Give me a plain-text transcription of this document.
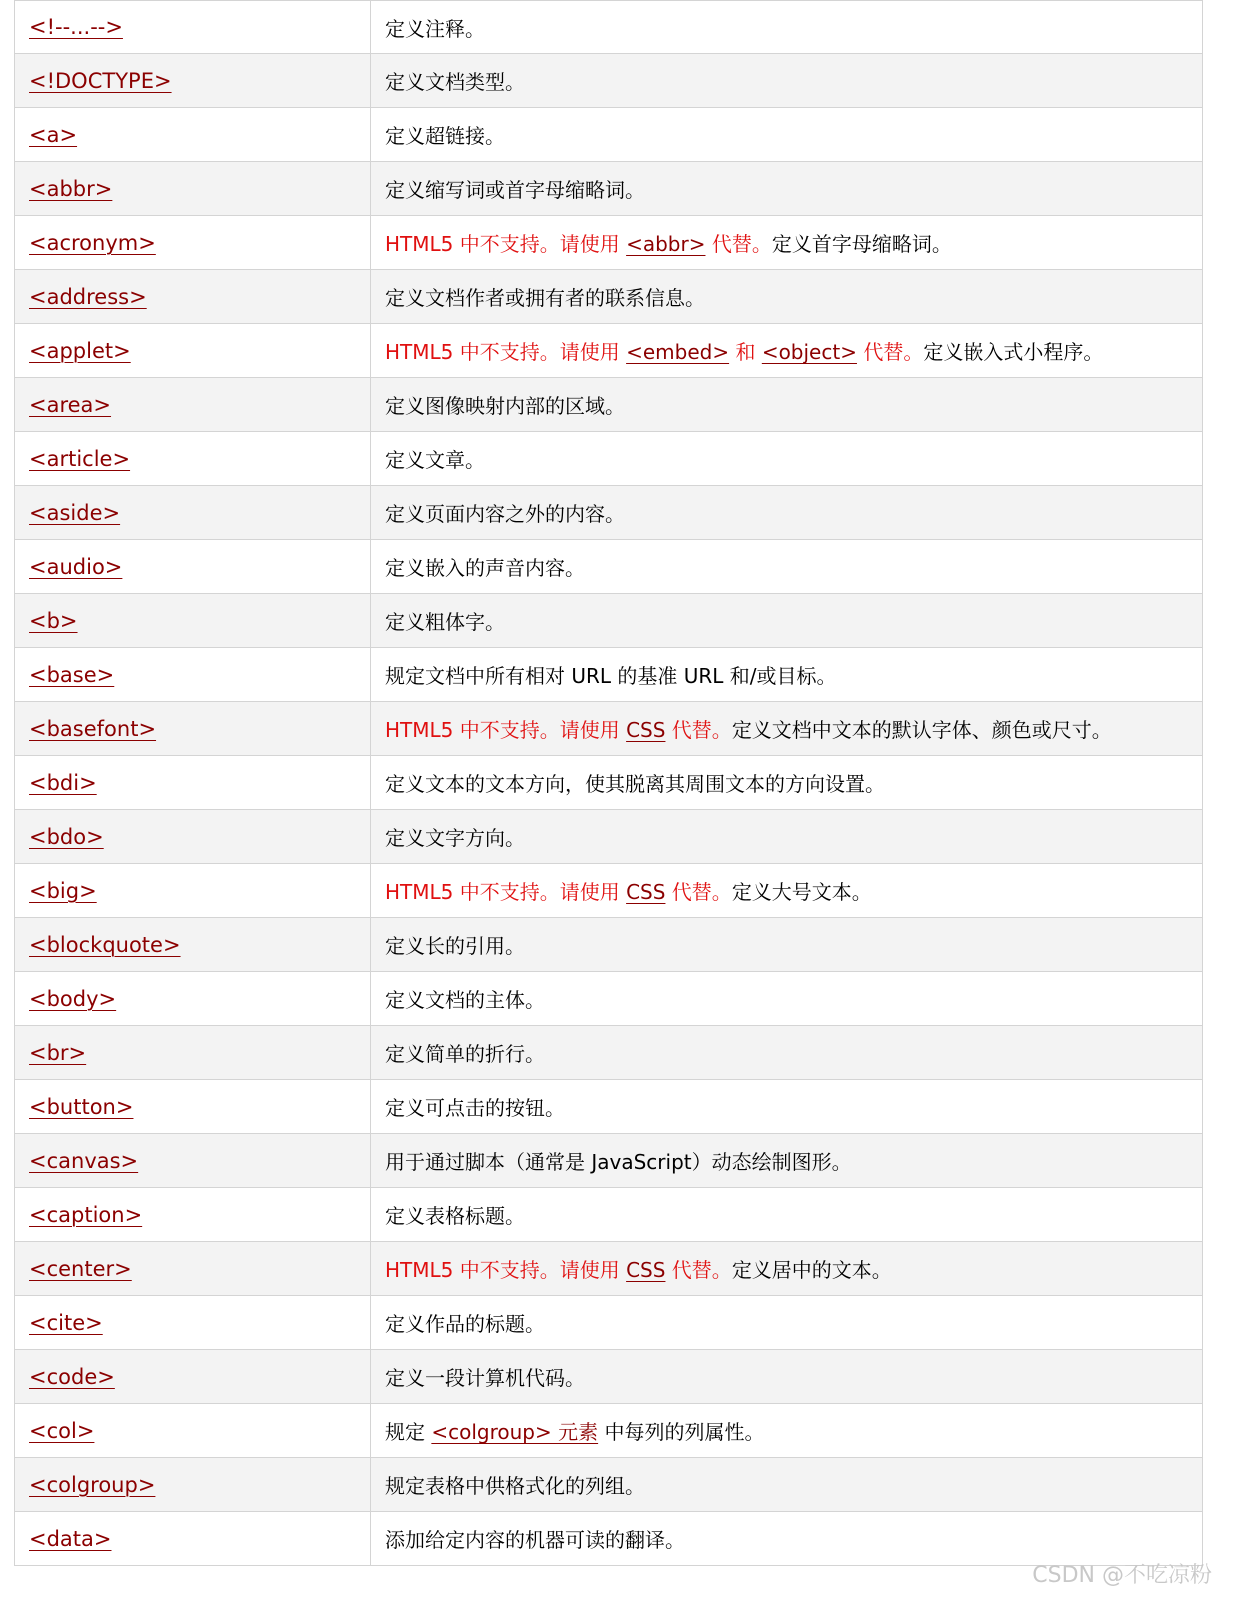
<!--...-->	定义注释。
<!DOCTYPE>	定义文档类型。
<a>	定义超链接。
<abbr>	定义缩写词或首字母缩略词。
<acronym>	HTML5 中不支持。请使用 <abbr> 代替。定义首字母缩略词。
<address>	定义文档作者或拥有者的联系信息。
<applet>	HTML5 中不支持。请使用 <embed> 和 <object> 代替。定义嵌入式小程序。
<area>	定义图像映射内部的区域。
<article>	定义文章。
<aside>	定义页面内容之外的内容。
<audio>	定义嵌入的声音内容。
<b>	定义粗体字。
<base>	规定文档中所有相对 URL 的基准 URL 和/或目标。
<basefont>	HTML5 中不支持。请使用 CSS 代替。定义文档中文本的默认字体、颜色或尺寸。
<bdi>	定义文本的文本方向，使其脱离其周围文本的方向设置。
<bdo>	定义文字方向。
<big>	HTML5 中不支持。请使用 CSS 代替。定义大号文本。
<blockquote>	定义长的引用。
<body>	定义文档的主体。
<br>	定义简单的折行。
<button>	定义可点击的按钮。
<canvas>	用于通过脚本（通常是 JavaScript）动态绘制图形。
<caption>	定义表格标题。
<center>	HTML5 中不支持。请使用 CSS 代替。定义居中的文本。
<cite>	定义作品的标题。
<code>	定义一段计算机代码。
<col>	规定 <colgroup> 元素 中每列的列属性。
<colgroup>	规定表格中供格式化的列组。
<data>	添加给定内容的机器可读的翻译。
CSDN @不吃凉粉
